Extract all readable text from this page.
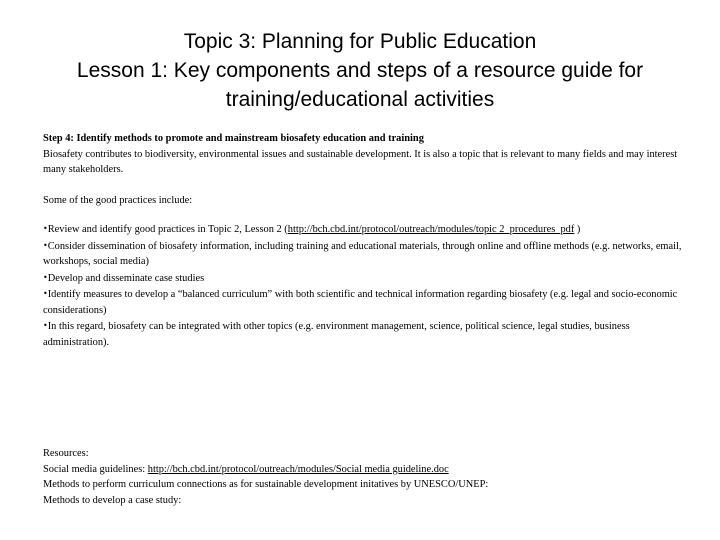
Topic 3: Planning for Public Education
Lesson 1: Key components and steps of a resource guide for
training/educational activities

Step 4: Identify methods to promote and mainstream biosafety education and training

Biosafety contributes to biodiversity, environmental issues and sustainable development. It is also a topic that is relevant to many fields and may interest many stakeholders.

Some of the good practices include:

•Review and identify good practices in Topic 2, Lesson 2 (http://bch.cbd.int/protocol/outreach/modules/topic 2_procedures_pdf )
•Consider dissemination of biosafety information, including training and educational materials, through online and offline methods (e.g. networks, email, workshops, social media)
•Develop and disseminate case studies
•Identify measures to develop a “balanced curriculum” with both scientific and technical information regarding biosafety (e.g. legal and socio-economic considerations)
•In this regard, biosafety can be integrated with other topics (e.g. environment management, science, political science, legal studies, business administration).

Resources:

Social media guidelines: http://bch.cbd.int/protocol/outreach/modules/Social media guideline.doc

Methods to perform curriculum connections as for sustainable development initatives by UNESCO/UNEP:

Methods to develop a case study:
